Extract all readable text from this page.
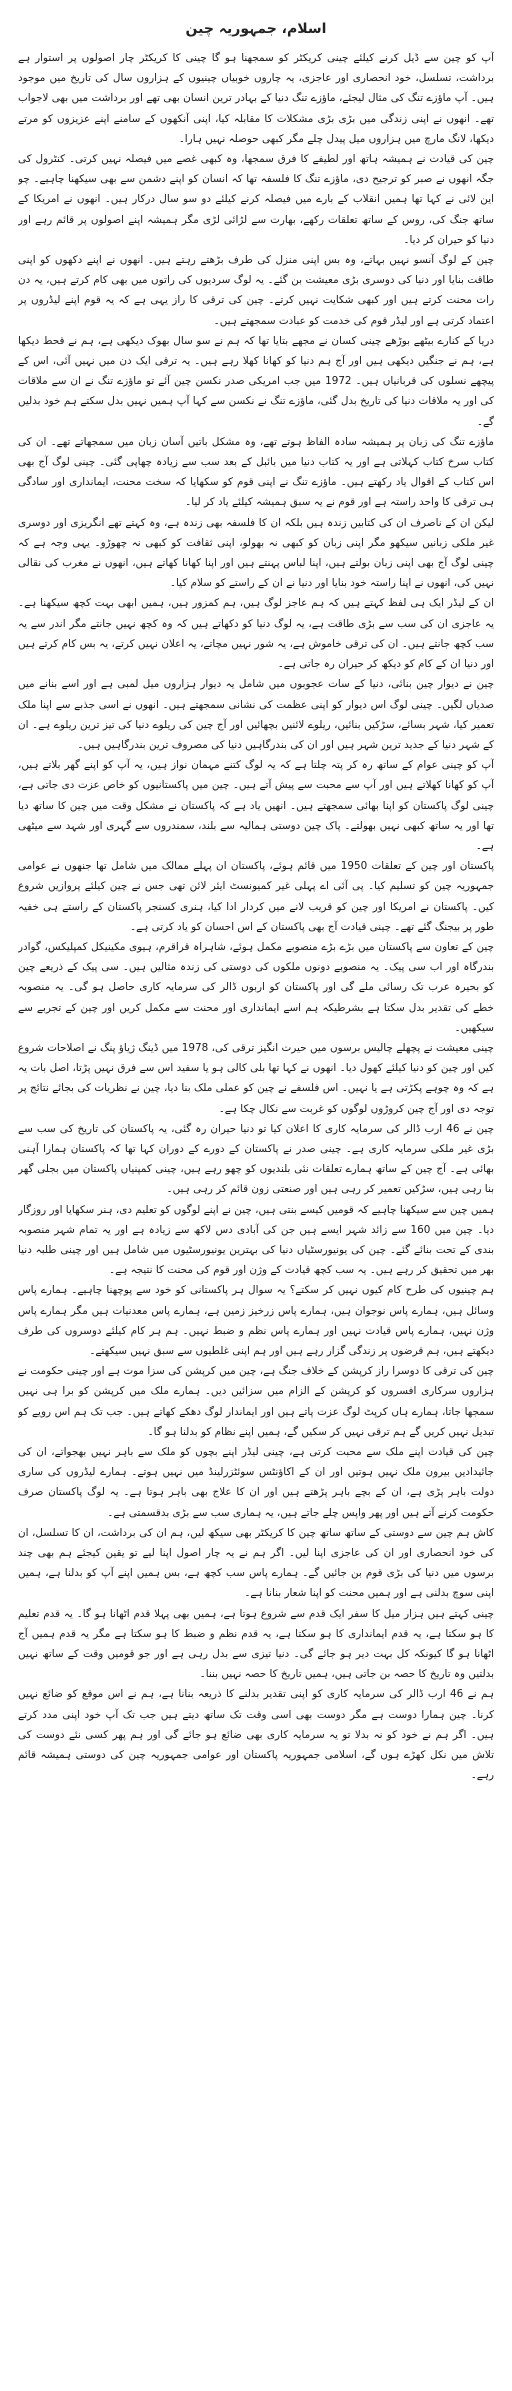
اسلام، جمہوریہ چین

آپ کو چین سے ڈیل کرنے کیلئے چینی کریکٹر کو سمجھنا ہو گا چینی کا کریکٹر چار اصولوں پر استوار ہے برداشت، تسلسل، خود انحصاری اور عاجزی، یہ چاروں خوبیاں چینیوں کے ہزاروں سال کی تاریخ میں موجود ہیں۔ آپ ماؤزے تنگ کی مثال لیجئے، ماؤزے تنگ دنیا کے بہادر ترین انسان بھی تھے اور برداشت میں بھی لاجواب تھے۔ انھوں نے اپنی زندگی میں بڑی بڑی مشکلات کا مقابلہ کیا، اپنی آنکھوں کے سامنے اپنے عزیزوں کو مرتے دیکھا، لانگ مارچ میں ہزاروں میل پیدل چلے مگر کبھی حوصلہ نہیں ہارا۔

چین کی قیادت نے ہمیشہ ہاتھ اور لطیفے کا فرق سمجھا، وہ کبھی غصے میں فیصلہ نہیں کرتی۔ کنٹرول کی جگہ انھوں نے صبر کو ترجیح دی، ماؤزے تنگ کا فلسفہ تھا کہ انسان کو اپنے دشمن سے بھی سیکھنا چاہیے۔ چو این لائی نے کہا تھا ہمیں انقلاب کے بارے میں فیصلہ کرنے کیلئے دو سو سال درکار ہیں۔ انھوں نے امریکا کے ساتھ جنگ کی، روس کے ساتھ تعلقات رکھے، بھارت سے لڑائی لڑی مگر ہمیشہ اپنے اصولوں پر قائم رہے اور دنیا کو حیران کر دیا۔

چین کے لوگ آنسو نہیں بہاتے، وہ بس اپنی منزل کی طرف بڑھتے رہتے ہیں۔ انھوں نے اپنے دکھوں کو اپنی طاقت بنایا اور دنیا کی دوسری بڑی معیشت بن گئے۔ یہ لوگ سردیوں کی راتوں میں بھی کام کرتے ہیں، یہ دن رات محنت کرتے ہیں اور کبھی شکایت نہیں کرتے۔ چین کی ترقی کا راز یہی ہے کہ یہ قوم اپنے لیڈروں پر اعتماد کرتی ہے اور لیڈر قوم کی خدمت کو عبادت سمجھتے ہیں۔

دریا کے کنارے بیٹھے بوڑھے چینی کسان نے مجھے بتایا تھا کہ ہم نے سو سال بھوک دیکھی ہے، ہم نے قحط دیکھا ہے، ہم نے جنگیں دیکھی ہیں اور آج ہم دنیا کو کھانا کھلا رہے ہیں۔ یہ ترقی ایک دن میں نہیں آئی، اس کے پیچھے نسلوں کی قربانیاں ہیں۔ 1972 میں جب امریکی صدر نکسن چین آئے تو ماؤزے تنگ نے ان سے ملاقات کی اور یہ ملاقات دنیا کی تاریخ بدل گئی، ماؤزے تنگ نے نکسن سے کہا آپ ہمیں نہیں بدل سکتے ہم خود بدلیں گے۔

ماؤزے تنگ کی زبان پر ہمیشہ سادہ الفاظ ہوتے تھے، وہ مشکل باتیں آسان زبان میں سمجھاتے تھے۔ ان کی کتاب سرخ کتاب کہلاتی ہے اور یہ کتاب دنیا میں بائبل کے بعد سب سے زیادہ چھاپی گئی۔ چینی لوگ آج بھی اس کتاب کے اقوال یاد رکھتے ہیں۔ ماؤزے تنگ نے اپنی قوم کو سکھایا کہ سخت محنت، ایمانداری اور سادگی ہی ترقی کا واحد راستہ ہے اور قوم نے یہ سبق ہمیشہ کیلئے یاد کر لیا۔

لیکن ان کے ناصرف ان کی کتابیں زندہ ہیں بلکہ ان کا فلسفہ بھی زندہ ہے، وہ کہتے تھے انگریزی اور دوسری غیر ملکی زبانیں سیکھو مگر اپنی زبان کو کبھی نہ بھولو، اپنی ثقافت کو کبھی نہ چھوڑو۔ یہی وجہ ہے کہ چینی لوگ آج بھی اپنی زبان بولتے ہیں، اپنا لباس پہنتے ہیں اور اپنا کھانا کھاتے ہیں، انھوں نے مغرب کی نقالی نہیں کی، انھوں نے اپنا راستہ خود بنایا اور دنیا نے ان کے راستے کو سلام کیا۔

ان کے لیڈر ایک ہی لفظ کہتے ہیں کہ ہم عاجز لوگ ہیں، ہم کمزور ہیں، ہمیں ابھی بہت کچھ سیکھنا ہے۔ یہ عاجزی ان کی سب سے بڑی طاقت ہے، یہ لوگ دنیا کو دکھاتے ہیں کہ وہ کچھ نہیں جانتے مگر اندر سے یہ سب کچھ جانتے ہیں۔ ان کی ترقی خاموش ہے، یہ شور نہیں مچاتے، یہ اعلان نہیں کرتے، یہ بس کام کرتے ہیں اور دنیا ان کے کام کو دیکھ کر حیران رہ جاتی ہے۔

چین نے دیوار چین بنائی، دنیا کے سات عجوبوں میں شامل یہ دیوار ہزاروں میل لمبی ہے اور اسے بنانے میں صدیاں لگیں۔ چینی لوگ اس دیوار کو اپنی عظمت کی نشانی سمجھتے ہیں۔ انھوں نے اسی جذبے سے اپنا ملک تعمیر کیا، شہر بسائے، سڑکیں بنائیں، ریلوے لائنیں بچھائیں اور آج چین کی ریلوے دنیا کی تیز ترین ریلوے ہے۔ ان کے شہر دنیا کے جدید ترین شہر ہیں اور ان کی بندرگاہیں دنیا کی مصروف ترین بندرگاہیں ہیں۔

آپ کو چینی عوام کے ساتھ رہ کر پتہ چلتا ہے کہ یہ لوگ کتنے مہمان نواز ہیں، یہ آپ کو اپنے گھر بلاتے ہیں، آپ کو کھانا کھلاتے ہیں اور آپ سے محبت سے پیش آتے ہیں۔ چین میں پاکستانیوں کو خاص عزت دی جاتی ہے، چینی لوگ پاکستان کو اپنا بھائی سمجھتے ہیں۔ انھیں یاد ہے کہ پاکستان نے مشکل وقت میں چین کا ساتھ دیا تھا اور یہ ساتھ کبھی نہیں بھولتے۔ پاک چین دوستی ہمالیہ سے بلند، سمندروں سے گہری اور شہد سے میٹھی ہے۔

پاکستان اور چین کے تعلقات 1950 میں قائم ہوئے، پاکستان ان پہلے ممالک میں شامل تھا جنھوں نے عوامی جمہوریہ چین کو تسلیم کیا۔ پی آئی اے پہلی غیر کمیونسٹ ایئر لائن تھی جس نے چین کیلئے پروازیں شروع کیں۔ پاکستان نے امریکا اور چین کو قریب لانے میں کردار ادا کیا، ہنری کسنجر پاکستان کے راستے ہی خفیہ طور پر بیجنگ گئے تھے۔ چینی قیادت آج بھی پاکستان کے اس احسان کو یاد کرتی ہے۔

چین کے تعاون سے پاکستان میں بڑے بڑے منصوبے مکمل ہوئے، شاہراہ قراقرم، ہیوی مکینیکل کمپلیکس، گوادر بندرگاہ اور اب سی پیک۔ یہ منصوبے دونوں ملکوں کی دوستی کی زندہ مثالیں ہیں۔ سی پیک کے ذریعے چین کو بحیرہ عرب تک رسائی ملے گی اور پاکستان کو اربوں ڈالر کی سرمایہ کاری حاصل ہو گی۔ یہ منصوبہ خطے کی تقدیر بدل سکتا ہے بشرطیکہ ہم اسے ایمانداری اور محنت سے مکمل کریں اور چین کے تجربے سے سیکھیں۔

چینی معیشت نے پچھلے چالیس برسوں میں حیرت انگیز ترقی کی، 1978 میں ڈینگ ژیاؤ پنگ نے اصلاحات شروع کیں اور چین کو دنیا کیلئے کھول دیا۔ انھوں نے کہا تھا بلی کالی ہو یا سفید اس سے فرق نہیں پڑتا، اصل بات یہ ہے کہ وہ چوہے پکڑتی ہے یا نہیں۔ اس فلسفے نے چین کو عملی ملک بنا دیا، چین نے نظریات کی بجائے نتائج پر توجہ دی اور آج چین کروڑوں لوگوں کو غربت سے نکال چکا ہے۔

چین نے 46 ارب ڈالر کی سرمایہ کاری کا اعلان کیا تو دنیا حیران رہ گئی، یہ پاکستان کی تاریخ کی سب سے بڑی غیر ملکی سرمایہ کاری ہے۔ چینی صدر نے پاکستان کے دورے کے دوران کہا تھا کہ پاکستان ہمارا آہنی بھائی ہے۔ آج چین کے ساتھ ہمارے تعلقات نئی بلندیوں کو چھو رہے ہیں، چینی کمپنیاں پاکستان میں بجلی گھر بنا رہی ہیں، سڑکیں تعمیر کر رہی ہیں اور صنعتی زون قائم کر رہی ہیں۔

ہمیں چین سے سیکھنا چاہیے کہ قومیں کیسے بنتی ہیں، چین نے اپنے لوگوں کو تعلیم دی، ہنر سکھایا اور روزگار دیا۔ چین میں 160 سے زائد شہر ایسے ہیں جن کی آبادی دس لاکھ سے زیادہ ہے اور یہ تمام شہر منصوبہ بندی کے تحت بنائے گئے۔ چین کی یونیورسٹیاں دنیا کی بہترین یونیورسٹیوں میں شامل ہیں اور چینی طلبہ دنیا بھر میں تحقیق کر رہے ہیں۔ یہ سب کچھ قیادت کے وژن اور قوم کی محنت کا نتیجہ ہے۔

ہم چینیوں کی طرح کام کیوں نہیں کر سکتے؟ یہ سوال ہر پاکستانی کو خود سے پوچھنا چاہیے۔ ہمارے پاس وسائل ہیں، ہمارے پاس نوجوان ہیں، ہمارے پاس زرخیز زمین ہے، ہمارے پاس معدنیات ہیں مگر ہمارے پاس وژن نہیں، ہمارے پاس قیادت نہیں اور ہمارے پاس نظم و ضبط نہیں۔ ہم ہر کام کیلئے دوسروں کی طرف دیکھتے ہیں، ہم قرضوں پر زندگی گزار رہے ہیں اور ہم اپنی غلطیوں سے سبق نہیں سیکھتے۔

چین کی ترقی کا دوسرا راز کرپشن کے خلاف جنگ ہے، چین میں کرپشن کی سزا موت ہے اور چینی حکومت نے ہزاروں سرکاری افسروں کو کرپشن کے الزام میں سزائیں دیں۔ ہمارے ملک میں کرپشن کو برا ہی نہیں سمجھا جاتا، ہمارے ہاں کرپٹ لوگ عزت پاتے ہیں اور ایماندار لوگ دھکے کھاتے ہیں۔ جب تک ہم اس رویے کو تبدیل نہیں کریں گے ہم ترقی نہیں کر سکیں گے، ہمیں اپنے نظام کو بدلنا ہو گا۔

چین کی قیادت اپنے ملک سے محبت کرتی ہے، چینی لیڈر اپنے بچوں کو ملک سے باہر نہیں بھجواتے، ان کی جائیدادیں بیرون ملک نہیں ہوتیں اور ان کے اکاؤنٹس سوئٹزرلینڈ میں نہیں ہوتے۔ ہمارے لیڈروں کی ساری دولت باہر پڑی ہے، ان کے بچے باہر پڑھتے ہیں اور ان کا علاج بھی باہر ہوتا ہے۔ یہ لوگ پاکستان صرف حکومت کرنے آتے ہیں اور پھر واپس چلے جاتے ہیں، یہ ہماری سب سے بڑی بدقسمتی ہے۔

کاش ہم چین سے دوستی کے ساتھ ساتھ چین کا کریکٹر بھی سیکھ لیں، ہم ان کی برداشت، ان کا تسلسل، ان کی خود انحصاری اور ان کی عاجزی اپنا لیں۔ اگر ہم نے یہ چار اصول اپنا لیے تو یقین کیجئے ہم بھی چند برسوں میں دنیا کی بڑی قوم بن جائیں گے۔ ہمارے پاس سب کچھ ہے، بس ہمیں اپنے آپ کو بدلنا ہے، ہمیں اپنی سوچ بدلنی ہے اور ہمیں محنت کو اپنا شعار بنانا ہے۔

چینی کہتے ہیں ہزار میل کا سفر ایک قدم سے شروع ہوتا ہے، ہمیں بھی پہلا قدم اٹھانا ہو گا۔ یہ قدم تعلیم کا ہو سکتا ہے، یہ قدم ایمانداری کا ہو سکتا ہے، یہ قدم نظم و ضبط کا ہو سکتا ہے مگر یہ قدم ہمیں آج اٹھانا ہو گا کیونکہ کل بہت دیر ہو جائے گی۔ دنیا تیزی سے بدل رہی ہے اور جو قومیں وقت کے ساتھ نہیں بدلتیں وہ تاریخ کا حصہ بن جاتی ہیں، ہمیں تاریخ کا حصہ نہیں بننا۔

ہم نے 46 ارب ڈالر کی سرمایہ کاری کو اپنی تقدیر بدلنے کا ذریعہ بنانا ہے، ہم نے اس موقع کو ضائع نہیں کرنا۔ چین ہمارا دوست ہے مگر دوست بھی اسی وقت تک ساتھ دیتے ہیں جب تک آپ خود اپنی مدد کرتے ہیں۔ اگر ہم نے خود کو نہ بدلا تو یہ سرمایہ کاری بھی ضائع ہو جائے گی اور ہم پھر کسی نئے دوست کی تلاش میں نکل کھڑے ہوں گے، اسلامی جمہوریہ پاکستان اور عوامی جمہوریہ چین کی دوستی ہمیشہ قائم رہے۔
